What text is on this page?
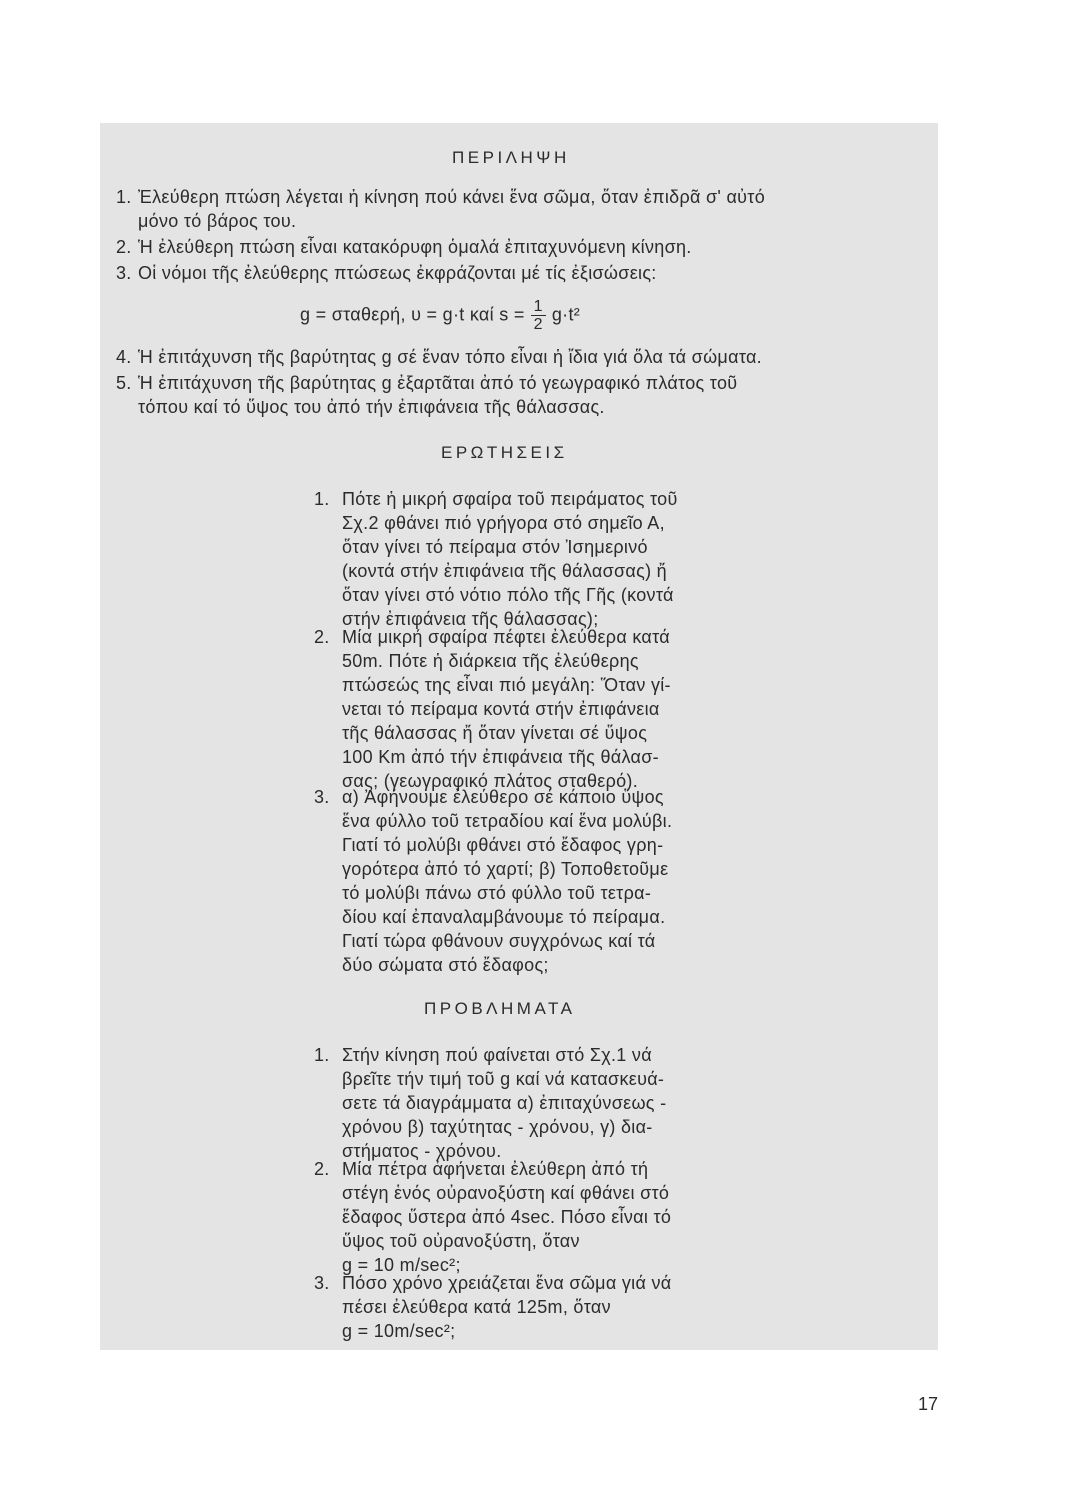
ΠΕΡΙΛΗΨΗ
1. Ἐλεύθερη πτώση λέγεται ἡ κίνηση πού κάνει ἕνα σῶμα, ὅταν ἐπιδρᾶ σ' αὐτό
μόνο τό βάρος του.
2. Ἡ ἐλεύθερη πτώση εἶναι κατακόρυφη ὁμαλά ἐπιταχυνόμενη κίνηση.
3. Οἱ νόμοι τῆς ἐλεύθερης πτώσεως ἐκφράζονται μέ τίς ἐξισώσεις:
g = σταθερή, υ = g·t καί $s = \frac{1}{2} g\cdot t^2$
4. Ἡ ἐπιτάχυνση τῆς βαρύτητας g σέ ἕναν τόπο εἶναι ἡ ἴδια γιά ὅλα τά σώματα.
5. Ἡ ἐπιτάχυνση τῆς βαρύτητας g ἐξαρτᾶται ἀπό τό γεωγραφικό πλάτος τοῦ
τόπου καί τό ὕψος του ἀπό τήν ἐπιφάνεια τῆς θάλασσας.
ΕΡΩΤΗΣΕΙΣ
1. Πότε ἡ μικρή σφαίρα τοῦ πειράματος τοῦ
Σχ.2 φθάνει πιό γρήγορα στό σημεῖο Α,
ὅταν γίνει τό πείραμα στόν Ἰσημερινό
(κοντά στήν ἐπιφάνεια τῆς θάλασσας) ἤ
ὅταν γίνει στό νότιο πόλο τῆς Γῆς (κοντά
στήν ἐπιφάνεια τῆς θάλασσας);
2. Μία μικρή σφαίρα πέφτει ἐλεύθερα κατά
50m. Πότε ἡ διάρκεια τῆς ἐλεύθερης
πτώσεώς της εἶναι πιό μεγάλη: Ὅταν γί-
νεται τό πείραμα κοντά στήν ἐπιφάνεια
τῆς θάλασσας ἤ ὅταν γίνεται σέ ὕψος
100 Km ἀπό τήν ἐπιφάνεια τῆς θάλασ-
σας; (γεωγραφικό πλάτος σταθερό).
3. α) Ἀφήνουμε ἐλεύθερο σέ κάποιο ὕψος
ἕνα φύλλο τοῦ τετραδίου καί ἕνα μολύβι.
Γιατί τό μολύβι φθάνει στό ἔδαφος γρη-
γορότερα ἀπό τό χαρτί; β) Τοποθετοῦμε
τό μολύβι πάνω στό φύλλο τοῦ τετρα-
δίου καί ἐπαναλαμβάνουμε τό πείραμα.
Γιατί τώρα φθάνουν συγχρόνως καί τά
δύο σώματα στό ἔδαφος;
ΠΡΟΒΛΗΜΑΤΑ
1. Στήν κίνηση πού φαίνεται στό Σχ.1 νά
βρεῖτε τήν τιμή τοῦ g καί νά κατασκευά-
σετε τά διαγράμματα α) ἐπιταχύνσεως -
χρόνου β) ταχύτητας - χρόνου, γ) δια-
στήματος - χρόνου.
2. Μία πέτρα ἀφήνεται ἐλεύθερη ἀπό τή
στέγη ἑνός οὐρανοξύστη καί φθάνει στό
ἔδαφος ὕστερα ἀπό 4sec. Πόσο εἶναι τό
ὕψος τοῦ οὐρανοξύστη, ὅταν
g = 10 m/sec²;
3. Πόσο χρόνο χρειάζεται ἕνα σῶμα γιά νά
πέσει ἐλεύθερα κατά 125m, ὅταν
g = 10m/sec²;
17
